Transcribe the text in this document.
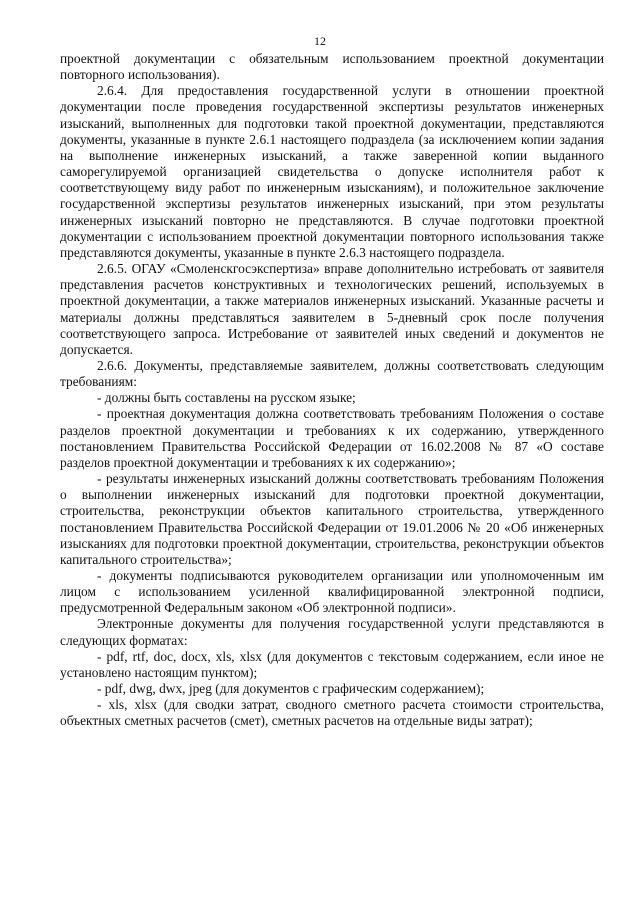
12

проектной документации с обязательным использованием проектной документации повторного использования).

2.6.4. Для предоставления государственной услуги в отношении проектной документации после проведения государственной экспертизы результатов инженерных изысканий, выполненных для подготовки такой проектной документации, представляются документы, указанные в пункте 2.6.1 настоящего подраздела (за исключением копии задания на выполнение инженерных изысканий, а также заверенной копии выданного саморегулируемой организацией свидетельства о допуске исполнителя работ к соответствующему виду работ по инженерным изысканиям), и положительное заключение государственной экспертизы результатов инженерных изысканий, при этом результаты инженерных изысканий повторно не представляются. В случае подготовки проектной документации с использованием проектной документации повторного использования также представляются документы, указанные в пункте 2.6.3 настоящего подраздела.

2.6.5. ОГАУ «Смоленскгосэкспертиза» вправе дополнительно истребовать от заявителя представления расчетов конструктивных и технологических решений, используемых в проектной документации, а также материалов инженерных изысканий. Указанные расчеты и материалы должны представляться заявителем в 5-дневный срок после получения соответствующего запроса. Истребование от заявителей иных сведений и документов не допускается.

2.6.6. Документы, представляемые заявителем, должны соответствовать следующим требованиям:

- должны быть составлены на русском языке;

- проектная документация должна соответствовать требованиям Положения о составе разделов проектной документации и требованиях к их содержанию, утвержденного постановлением Правительства Российской Федерации от 16.02.2008 № 87 «О составе разделов проектной документации и требованиях к их содержанию»;

- результаты инженерных изысканий должны соответствовать требованиям Положения о выполнении инженерных изысканий для подготовки проектной документации, строительства, реконструкции объектов капитального строительства, утвержденного постановлением Правительства Российской Федерации от 19.01.2006 № 20 «Об инженерных изысканиях для подготовки проектной документации, строительства, реконструкции объектов капитального строительства»;

- документы подписываются руководителем организации или уполномоченным им лицом с использованием усиленной квалифицированной электронной подписи, предусмотренной Федеральным законом «Об электронной подписи».

Электронные документы для получения государственной услуги представляются в следующих форматах:

- pdf, rtf, doc, docx, xls, xlsx (для документов с текстовым содержанием, если иное не установлено настоящим пунктом);

- pdf, dwg, dwx, jpeg (для документов с графическим содержанием);

- xls, xlsx (для сводки затрат, сводного сметного расчета стоимости строительства, объектных сметных расчетов (смет), сметных расчетов на отдельные виды затрат);
